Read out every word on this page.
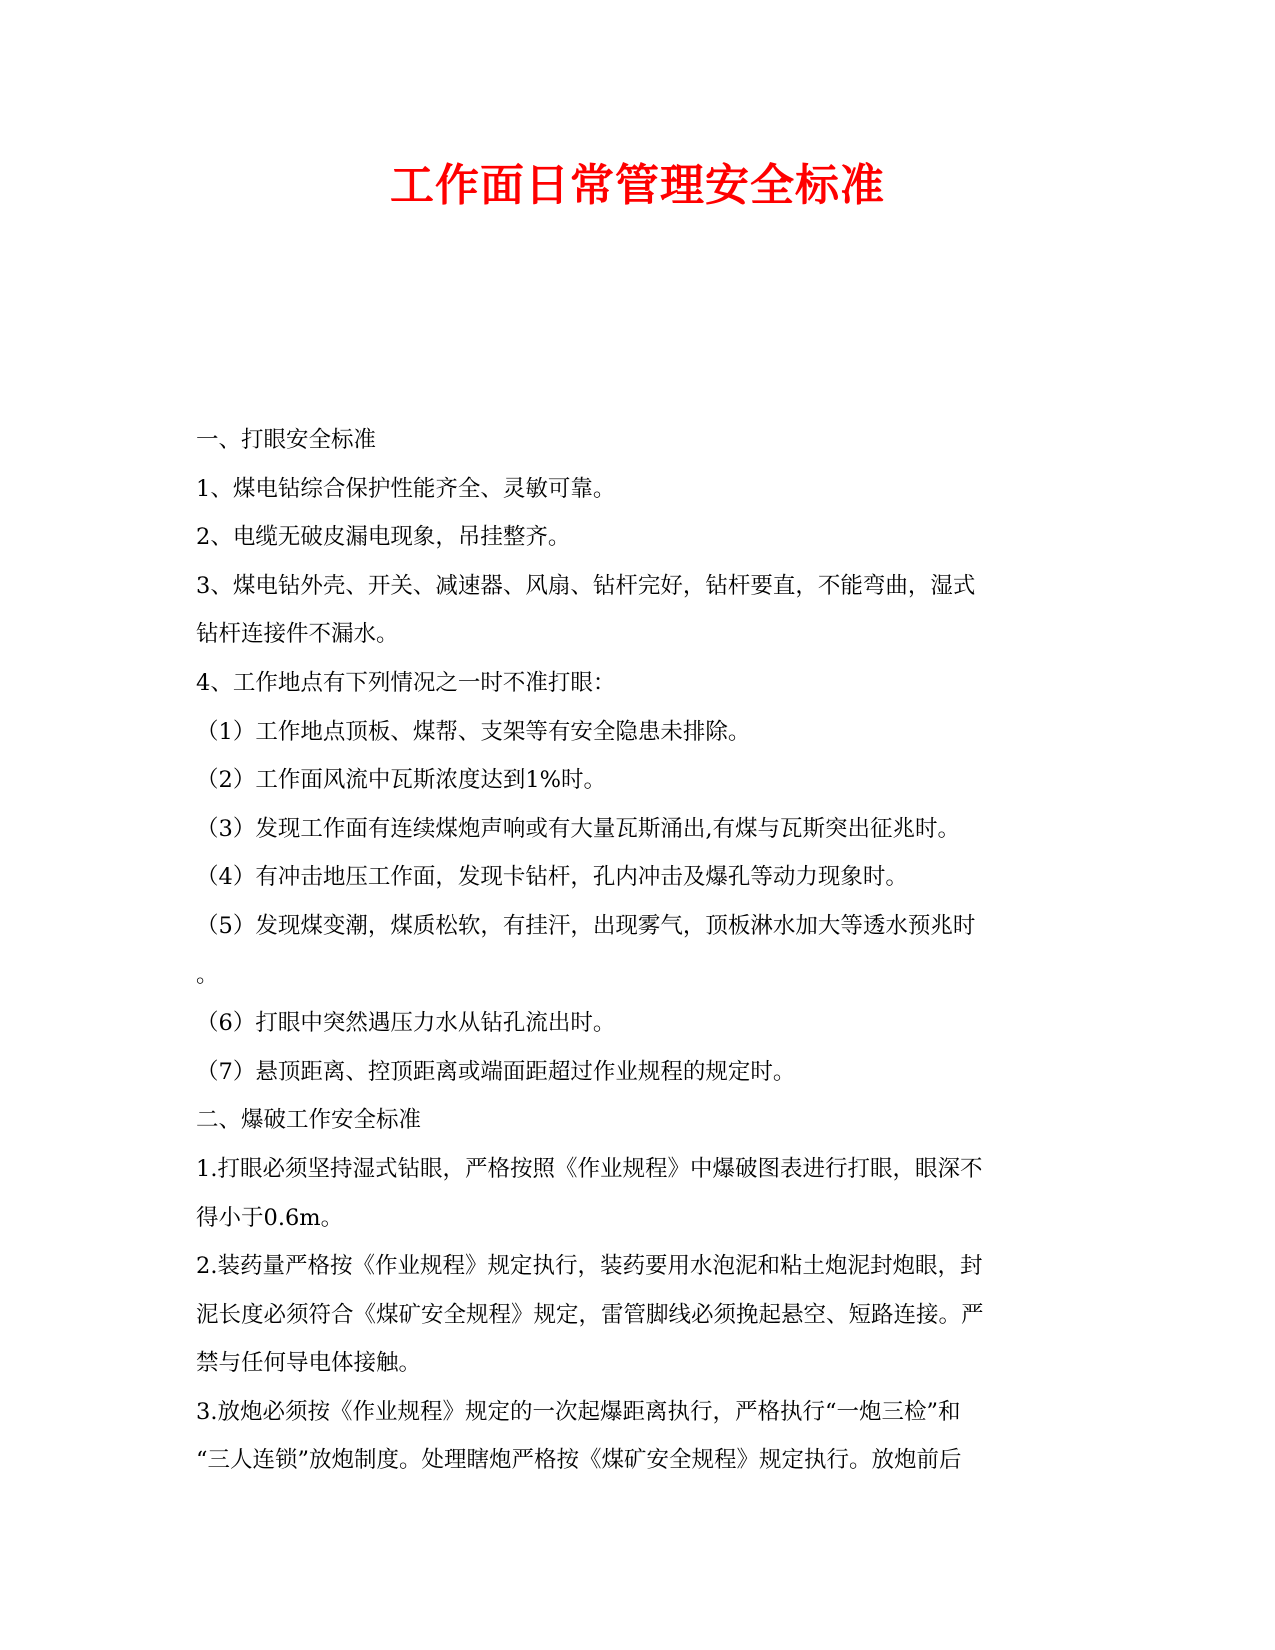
工作面日常管理安全标准

一、打眼安全标准

1、煤电钻综合保护性能齐全、灵敏可靠。

2、电缆无破皮漏电现象，吊挂整齐。

3、煤电钻外壳、开关、减速器、风扇、钻杆完好，钻杆要直，不能弯曲，湿式

钻杆连接件不漏水。

4、工作地点有下列情况之一时不准打眼：

（1）工作地点顶板、煤帮、支架等有安全隐患未排除。

（2）工作面风流中瓦斯浓度达到1%时。

（3）发现工作面有连续煤炮声响或有大量瓦斯涌出,有煤与瓦斯突出征兆时。

（4）有冲击地压工作面，发现卡钻杆，孔内冲击及爆孔等动力现象时。

（5）发现煤变潮，煤质松软，有挂汗，出现雾气，顶板淋水加大等透水预兆时

。

（6）打眼中突然遇压力水从钻孔流出时。

（7）悬顶距离、控顶距离或端面距超过作业规程的规定时。

二、爆破工作安全标准

1.打眼必须坚持湿式钻眼，严格按照《作业规程》中爆破图表进行打眼，眼深不

得小于0.6m。

2.装药量严格按《作业规程》规定执行，装药要用水泡泥和粘土炮泥封炮眼，封

泥长度必须符合《煤矿安全规程》规定，雷管脚线必须挽起悬空、短路连接。严

禁与任何导电体接触。

3.放炮必须按《作业规程》规定的一次起爆距离执行，严格执行“一炮三检”和

“三人连锁”放炮制度。处理瞎炮严格按《煤矿安全规程》规定执行。放炮前后
